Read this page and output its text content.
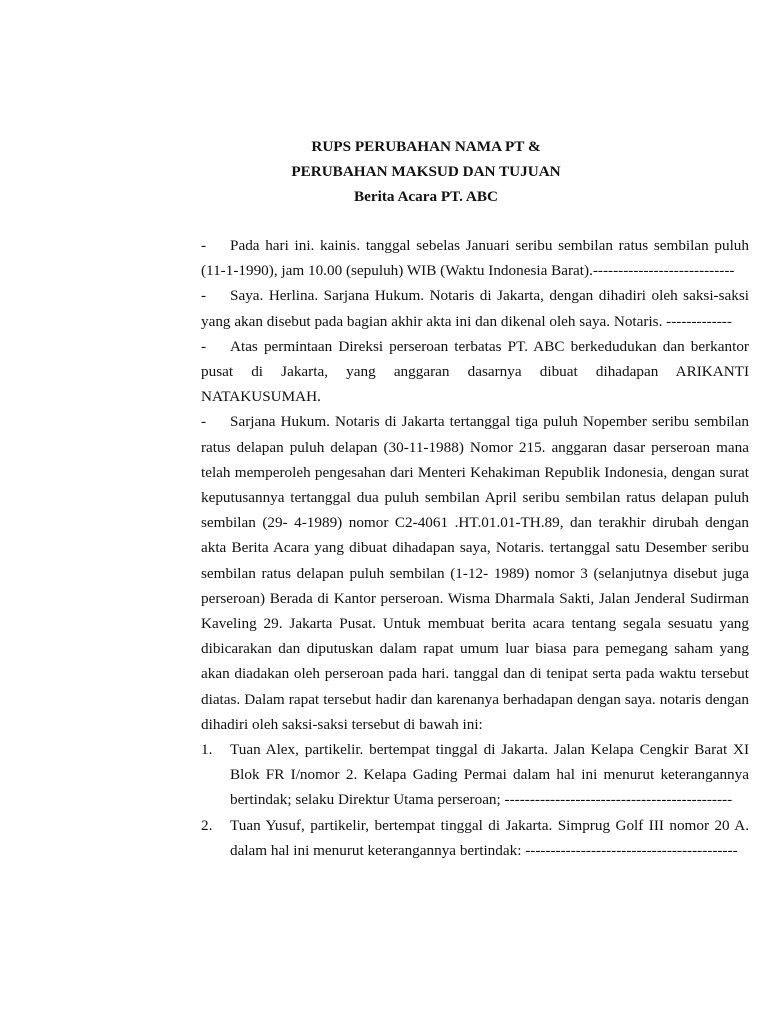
RUPS PERUBAHAN NAMA PT &
PERUBAHAN MAKSUD DAN TUJUAN
Berita Acara PT. ABC
-	Pada hari ini. kainis. tanggal sebelas Januari seribu sembilan ratus sembilan puluh (11-1-1990), jam 10.00 (sepuluh) WIB (Waktu Indonesia Barat).----------------------------
-	Saya. Herlina. Sarjana Hukum. Notaris di Jakarta, dengan dihadiri oleh saksi-saksi yang akan disebut pada bagian akhir akta ini dan dikenal oleh saya. Notaris. -------------
-	Atas permintaan Direksi perseroan terbatas PT. ABC berkedudukan dan berkantor pusat di Jakarta, yang anggaran dasarnya dibuat dihadapan ARIKANTI NATAKUSUMAH.
-	Sarjana Hukum. Notaris di Jakarta tertanggal tiga puluh Nopember seribu sembilan ratus delapan puluh delapan (30-11-1988) Nomor 215. anggaran dasar perseroan mana telah memperoleh pengesahan dari Menteri Kehakiman Republik Indonesia, dengan surat keputusannya tertanggal dua puluh sembilan April seribu sembilan ratus delapan puluh sembilan (29- 4-1989) nomor C2-4061 .HT.01.01-TH.89, dan terakhir dirubah dengan akta Berita Acara yang dibuat dihadapan saya, Notaris. tertanggal satu Desember seribu sembilan ratus delapan puluh sembilan (1-12- 1989) nomor 3 (selanjutnya disebut juga perseroan) Berada di Kantor perseroan. Wisma Dharmala Sakti, Jalan Jenderal Sudirman Kaveling 29. Jakarta Pusat. Untuk membuat berita acara tentang segala sesuatu yang dibicarakan dan diputuskan dalam rapat umum luar biasa para pemegang saham yang akan diadakan oleh perseroan pada hari. tanggal dan di tenipat serta pada waktu tersebut diatas. Dalam rapat tersebut hadir dan karenanya berhadapan dengan saya. notaris dengan dihadiri oleh saksi-saksi tersebut di bawah ini:
1.	Tuan Alex, partikelir. bertempat tinggal di Jakarta. Jalan Kelapa Cengkir Barat XI Blok FR I/nomor 2. Kelapa Gading Permai dalam hal ini menurut keterangannya bertindak; selaku Direktur Utama perseroan; ---------------------------------------------
2.	Tuan Yusuf, partikelir, bertempat tinggal di Jakarta. Simprug Golf III nomor 20 A. dalam hal ini menurut keterangannya bertindak: ------------------------------------------
